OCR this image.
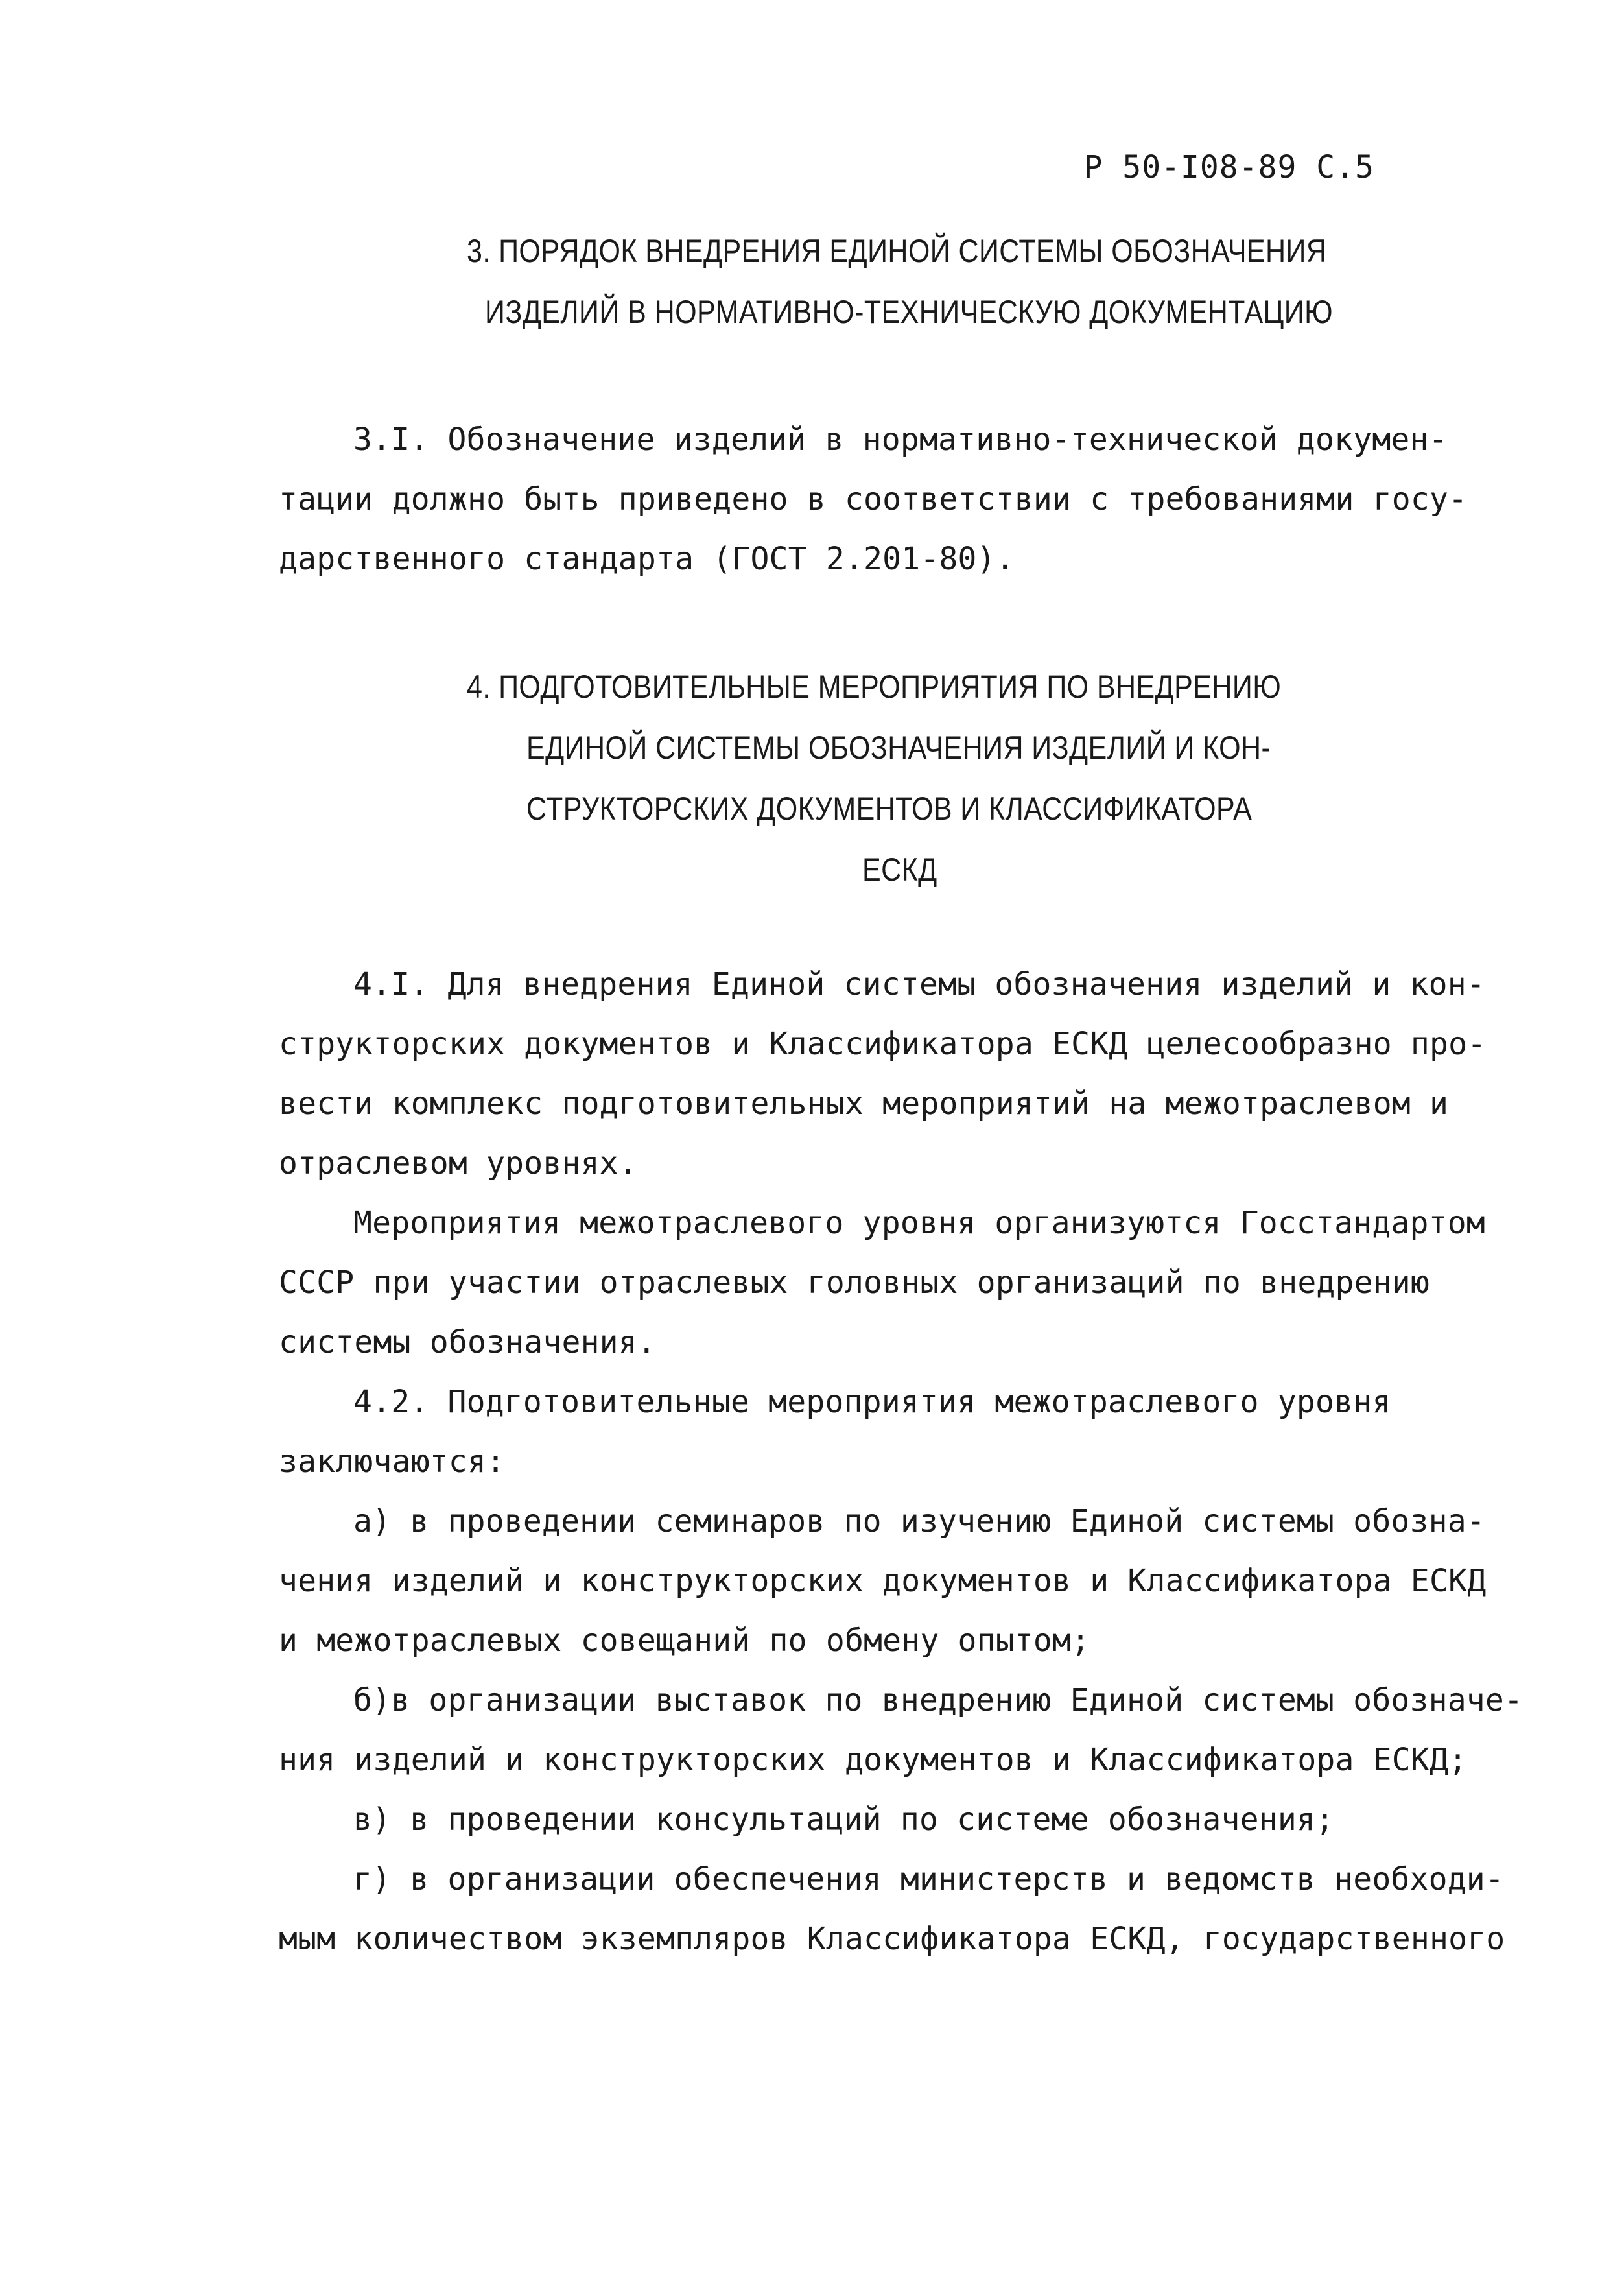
Р 50-I08-89 С.5
3. ПОРЯДОК ВНЕДРЕНИЯ ЕДИНОЙ СИСТЕМЫ ОБОЗНАЧЕНИЯ
ИЗДЕЛИЙ В НОРМАТИВНО-ТЕХНИЧЕСКУЮ ДОКУМЕНТАЦИЮ

3.I. Обозначение изделий в нормативно-технической докумен-
тации должно быть приведено в соответствии с требованиями госу-
дарственного стандарта (ГОСТ 2.201-80).

4. ПОДГОТОВИТЕЛЬНЫЕ МЕРОПРИЯТИЯ ПО ВНЕДРЕНИЮ
ЕДИНОЙ СИСТЕМЫ ОБОЗНАЧЕНИЯ ИЗДЕЛИЙ И КОН-
СТРУКТОРСКИХ ДОКУМЕНТОВ И КЛАССИФИКАТОРА
ЕСКД

4.I. Для внедрения Единой системы обозначения изделий и кон-
структорских документов и Классификатора ЕСКД целесообразно про-
вести комплекс подготовительных мероприятий на межотраслевом и
отраслевом уровнях.

Мероприятия межотраслевого уровня организуются Госстандартом
СССР при участии отраслевых головных организаций по внедрению
системы обозначения.

4.2. Подготовительные мероприятия межотраслевого уровня
заключаются:

а) в проведении семинаров по изучению Единой системы обозна-
чения изделий и конструкторских документов и Классификатора ЕСКД
и межотраслевых совещаний по обмену опытом;

б)в организации выставок по внедрению Единой системы обозначе-
ния изделий и конструкторских документов и Классификатора ЕСКД;

в) в проведении консультаций по системе обозначения;

г) в организации обеспечения министерств и ведомств необходи-
мым количеством экземпляров Классификатора ЕСКД, государственного
